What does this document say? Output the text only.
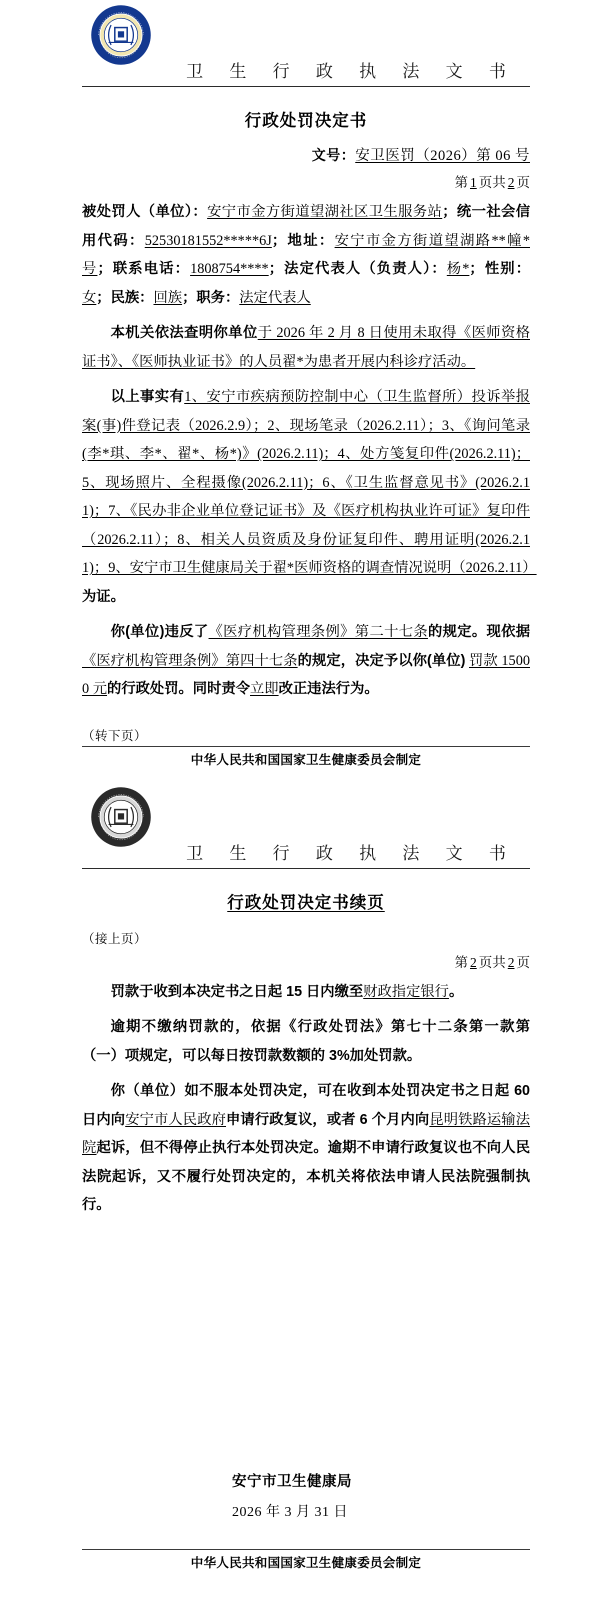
卫 生 行 政 执 法 文 书
行政处罚决定书
文号：安卫医罚（2026）第 06 号
第 1 页共 2 页
被处罚人（单位）：安宁市金方街道望湖社区卫生服务站；统一社会信用代码：52530181552*****6J；地址：安宁市金方街道望湖路**幢*号；联系电话：1808754****；法定代表人（负责人）：杨*；性别：女；民族：回族；职务：法定代表人
本机关依法查明你单位于 2026 年 2 月 8 日使用未取得《医师资格证书》、《医师执业证书》的人员翟*为患者开展内科诊疗活动。
以上事实有1、安宁市疾病预防控制中心（卫生监督所）投诉举报案(事)件登记表（2026.2.9）；2、现场笔录（2026.2.11）；3、《询问笔录(李*琪、李*、翟*、杨*)》(2026.2.11)；4、处方笺复印件(2026.2.11)；5、现场照片、全程摄像(2026.2.11)；6、《卫生监督意见书》(2026.2.11)；7、《民办非企业单位登记证书》及《医疗机构执业许可证》复印件（2026.2.11）；8、相关人员资质及身份证复印件、聘用证明(2026.2.11)；9、安宁市卫生健康局关于翟*医师资格的调查情况说明（2026.2.11）为证。
你(单位)违反了《医疗机构管理条例》第二十七条的规定。现依据《医疗机构管理条例》第四十七条的规定，决定予以你(单位) 罚款 15000 元的行政处罚。同时责令立即改正违法行为。
（转下页）
中华人民共和国国家卫生健康委员会制定
卫 生 行 政 执 法 文 书
行政处罚决定书续页
（接上页）
第 2 页共 2 页
罚款于收到本决定书之日起 15 日内缴至财政指定银行。
逾期不缴纳罚款的，依据《行政处罚法》第七十二条第一款第（一）项规定，可以每日按罚款数额的 3%加处罚款。
你（单位）如不服本处罚决定，可在收到本处罚决定书之日起 60 日内向安宁市人民政府申请行政复议，或者 6 个月内向昆明铁路运输法院起诉，但不得停止执行本处罚决定。逾期不申请行政复议也不向人民法院起诉，又不履行处罚决定的，本机关将依法申请人民法院强制执行。
安宁市卫生健康局
2026 年 3 月 31 日
中华人民共和国国家卫生健康委员会制定
